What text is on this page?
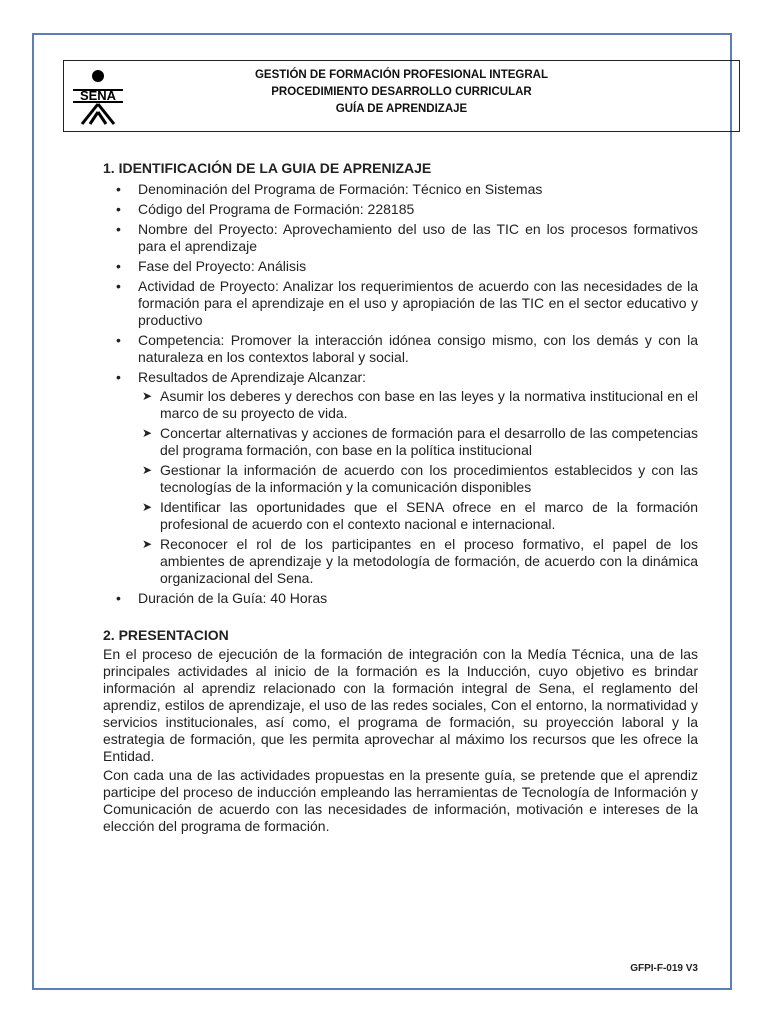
SENA
GESTIÓN DE FORMACIÓN PROFESIONAL INTEGRAL
PROCEDIMIENTO DESARROLLO CURRICULAR
GUÍA DE APRENDIZAJE
1. IDENTIFICACIÓN DE LA GUIA DE APRENIZAJE
• Denominación del Programa de Formación: Técnico en Sistemas
• Código del Programa de Formación: 228185
• Nombre del Proyecto: Aprovechamiento del uso de las TIC en los procesos formativos para el aprendizaje
• Fase del Proyecto: Análisis
• Actividad de Proyecto: Analizar los requerimientos de acuerdo con las necesidades de la formación para el aprendizaje en el uso y apropiación de las TIC en el sector educativo y productivo
• Competencia: Promover la interacción idónea consigo mismo, con los demás y con la naturaleza en los contextos laboral y social.
• Resultados de Aprendizaje Alcanzar:
➤ Asumir los deberes y derechos con base en las leyes y la normativa institucional en el marco de su proyecto de vida.
➤ Concertar alternativas y acciones de formación para el desarrollo de las competencias del programa formación, con base en la política institucional
➤ Gestionar la información de acuerdo con los procedimientos establecidos y con las tecnologías de la información y la comunicación disponibles
➤ Identificar las oportunidades que el SENA ofrece en el marco de la formación profesional de acuerdo con el contexto nacional e internacional.
➤ Reconocer el rol de los participantes en el proceso formativo, el papel de los ambientes de aprendizaje y la metodología de formación, de acuerdo con la dinámica organizacional del Sena.
• Duración de la Guía: 40 Horas
2. PRESENTACION

En el proceso de ejecución de la formación de integración con la Medía Técnica, una de las principales actividades al inicio de la formación es la Inducción, cuyo objetivo es brindar información al aprendiz relacionado con la formación integral de Sena, el reglamento del aprendiz, estilos de aprendizaje, el uso de las redes sociales, Con el entorno, la normatividad y servicios institucionales, así como, el programa de formación, su proyección laboral y la estrategia de formación, que les permita aprovechar al máximo los recursos que les ofrece la Entidad.

Con cada una de las actividades propuestas en la presente guía, se pretende que el aprendiz participe del proceso de inducción empleando las herramientas de Tecnología de Información y Comunicación de acuerdo con las necesidades de información, motivación e intereses de la elección del programa de formación.

GFPI-F-019 V3
